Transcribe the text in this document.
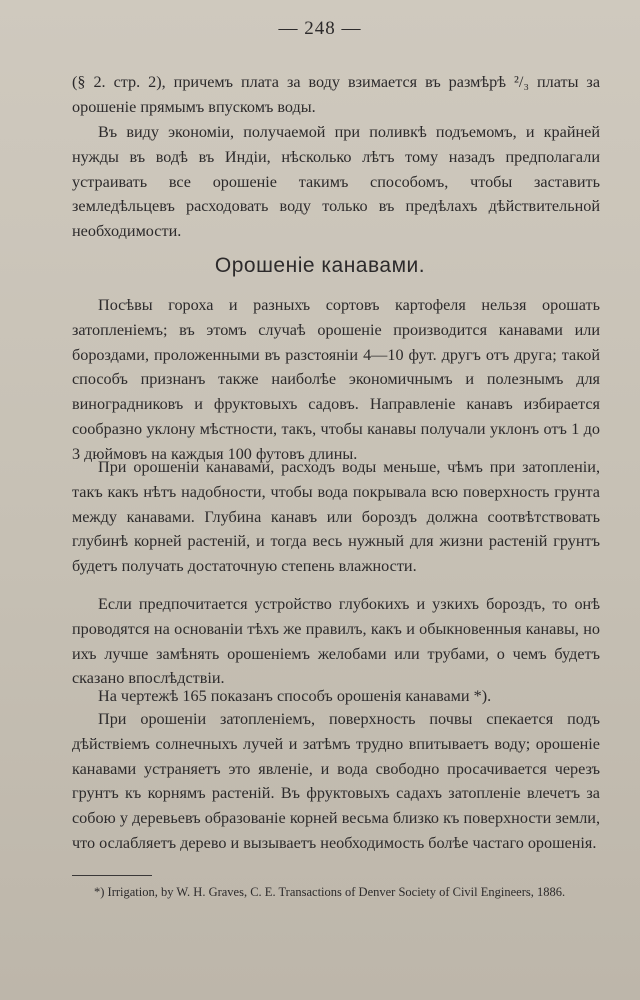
— 248 —

(§ 2. стр. 2), причемъ плата за воду взимается въ размѣрѣ ²/₃ платы за орошеніе прямымъ впускомъ воды.

Въ виду экономіи, получаемой при поливкѣ подъемомъ, и крайней нужды въ водѣ въ Индіи, нѣсколько лѣтъ тому назадъ предполагали устраивать все орошеніе такимъ способомъ, чтобы заставить земледѣльцевъ расходовать воду только въ предѣлахъ дѣйствительной необходимости.

Орошеніе канавами.

Посѣвы гороха и разныхъ сортовъ картофеля нельзя орошать затопленіемъ; въ этомъ случаѣ орошеніе производится канавами или бороздами, проложенными въ разстояніи 4—10 фут. другъ отъ друга; такой способъ признанъ также наиболѣе экономичнымъ и полезнымъ для виноградниковъ и фруктовыхъ садовъ. Направленіе канавъ избирается сообразно уклону мѣстности, такъ, чтобы канавы получали уклонъ отъ 1 до 3 дюймовъ на каждыя 100 футовъ длины.

При орошеніи канавами, расходъ воды меньше, чѣмъ при затопленіи, такъ какъ нѣтъ надобности, чтобы вода покрывала всю поверхность грунта между канавами. Глубина канавъ или бороздъ должна соотвѣтствовать глубинѣ корней растеній, и тогда весь нужный для жизни растеній грунтъ будетъ получать достаточную степень влажности.

Если предпочитается устройство глубокихъ и узкихъ бороздъ, то онѣ проводятся на основаніи тѣхъ же правилъ, какъ и обыкновенныя канавы, но ихъ лучше замѣнять орошеніемъ желобами или трубами, о чемъ будетъ сказано впослѣдствіи.

На чертежѣ 165 показанъ способъ орошенія канавами *).

При орошеніи затопленіемъ, поверхность почвы спекается подъ дѣйствіемъ солнечныхъ лучей и затѣмъ трудно впитываетъ воду; орошеніе канавами устраняетъ это явленіе, и вода свободно просачивается черезъ грунтъ къ корнямъ растеній. Въ фруктовыхъ садахъ затопленіе влечетъ за собою у деревьевъ образованіе корней весьма близко къ поверхности земли, что ослабляетъ дерево и вызываетъ необходимость болѣе частаго орошенія.

*) Irrigation, by W. H. Graves, C. E. Transactions of Denver Society of Civil Engineers, 1886.
